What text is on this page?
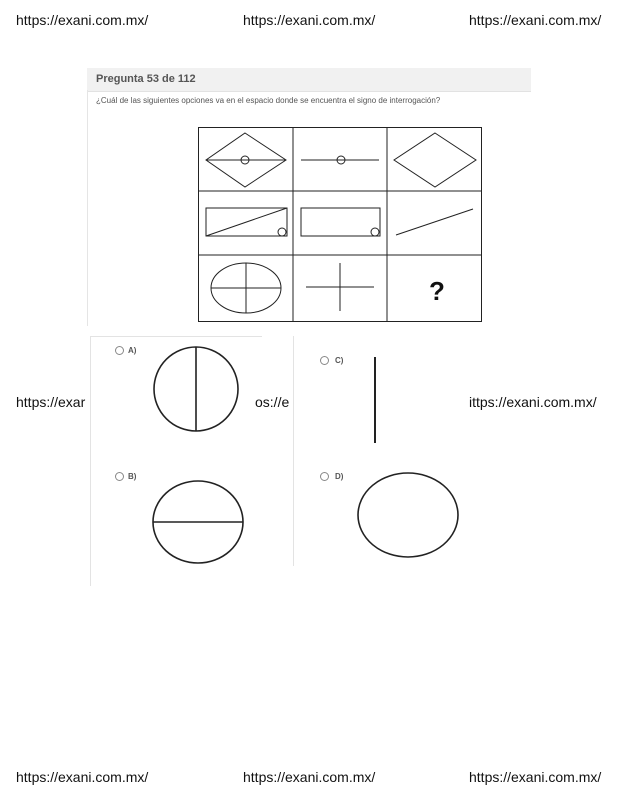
https://exani.com.mx/	https://exani.com.mx/	https://exani.com.mx/
Pregunta 53 de 112
¿Cuál de las siguientes opciones va en el espacio donde se encuentra el signo de interrogación?
?
A)
B)
C)
D)
https://exar	os://e	ittps://exani.com.mx/
https://exani.com.mx/	https://exani.com.mx/	https://exani.com.mx/
